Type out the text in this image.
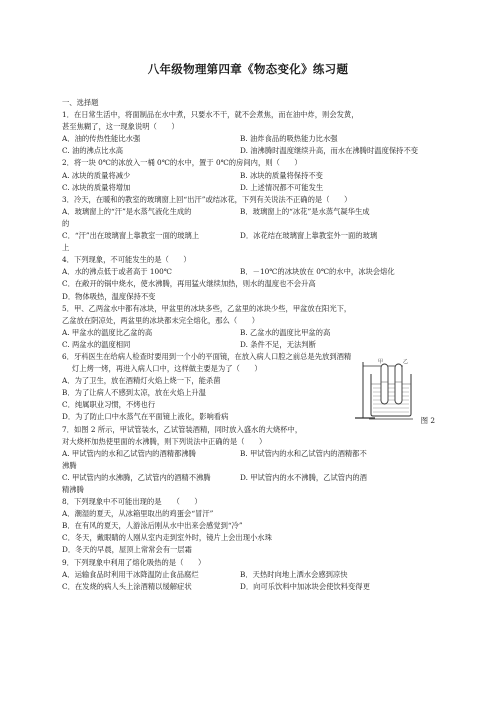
八年级物理第四章《物态变化》练习题
一、选择题
1．在日常生活中，将面制品在水中煮，只要水不干，就不会煮焦，而在油中炸，则会发黄，
甚至焦糊了，这一现象说明（　　）
A．油的传热性能比水强	B. 油炸食品的吸热能力比水强
C. 油的沸点比水高	D. 油沸腾时温度继续升高，而水在沸腾时温度保持不变
2．将一块 0℃的冰放入一桶 0℃的水中，置于 0℃的房间内，则（　　）
A. 冰块的质量将减少	B. 冰块的质量将保持不变
C. 冰块的质量将增加	D. 上述情况都不可能发生
3．冷天，在暖和的教室的玻璃窗上回“出汗”或结冰花，下列有关说法不正确的是（　　）
A．玻璃窗上的“汗”是水蒸气液化生成的	B．玻璃窗上的“冰花”是水蒸气凝华生成
的
C．“汗”出在玻璃窗上靠教室一面的玻璃上	D．冰花结在玻璃窗上靠教室外一面的玻璃
上
4．下列现象，不可能发生的是（　　）
A．水的沸点低于或者高于 100℃	B．－10℃的冰块放在 0℃的水中，冰块会熔化
C．在敞开的锅中烧水，使水沸腾，再用猛火继续加热，则水的温度也不会升高
D．物体吸热，温度保持不变
5．甲、乙两盆水中都有冰块，甲盆里的冰块多些，乙盆里的冰块少些，甲盆放在阳光下，
乙盆放在阴凉处，两盆里的冰块都未完全熔化，那么（　　）
A. 甲盆水的温度比乙盆的高	B. 乙盆水的温度比甲盆的高
C. 两盆水的温度相同	D. 条件不足，无法判断
6．牙科医生在给病人检查时要用到一个小的平面镜，在放入病人口腔之前总是先放到酒精
灯上烤一烤，再进入病人口中，这样做主要是为了（　　）
A．为了卫生，放在酒精灯火焰上烧一下，能杀菌
B．为了让病人不感到太凉，放在火焰上升温
C．纯属职业习惯，不烤也行
D．为了防止口中水蒸气在平面镜上液化，影响看病
7．如图 2 所示，甲试管装水，乙试管装酒精，同时放入盛水的大烧杯中，
对大烧杯加热使里面的水沸腾，则下列说法中正确的是（　　）
A. 甲试管内的水和乙试管内的酒精都沸腾	B. 甲试管内的水和乙试管内的酒精都不
沸腾
C. 甲试管内的水沸腾，乙试管内的酒精不沸腾	D. 甲试管内的水不沸腾，乙试管内的酒
精沸腾
8．下列现象中不可能出现的是　　（　　）
A．潮湿的夏天，从冰箱里取出的鸡蛋会“冒汗”
B．在有风的夏天，人游泳后刚从水中出来会感觉到“冷”
C．冬天，戴眼睛的人刚从室内走到室外时，镜片上会出现小水珠
D．冬天的早晨，屋顶上常常会有一层霜
9．下列现象中利用了熔化吸热的是（　　）
A．运输食品时利用干冰降温防止食品腐烂	B．天热时向地上洒水会感到凉快
C．在发烧的病人头上涂酒精以缓解症状	D．向可乐饮料中加冰块会使饮料变得更
甲	乙
图 2
